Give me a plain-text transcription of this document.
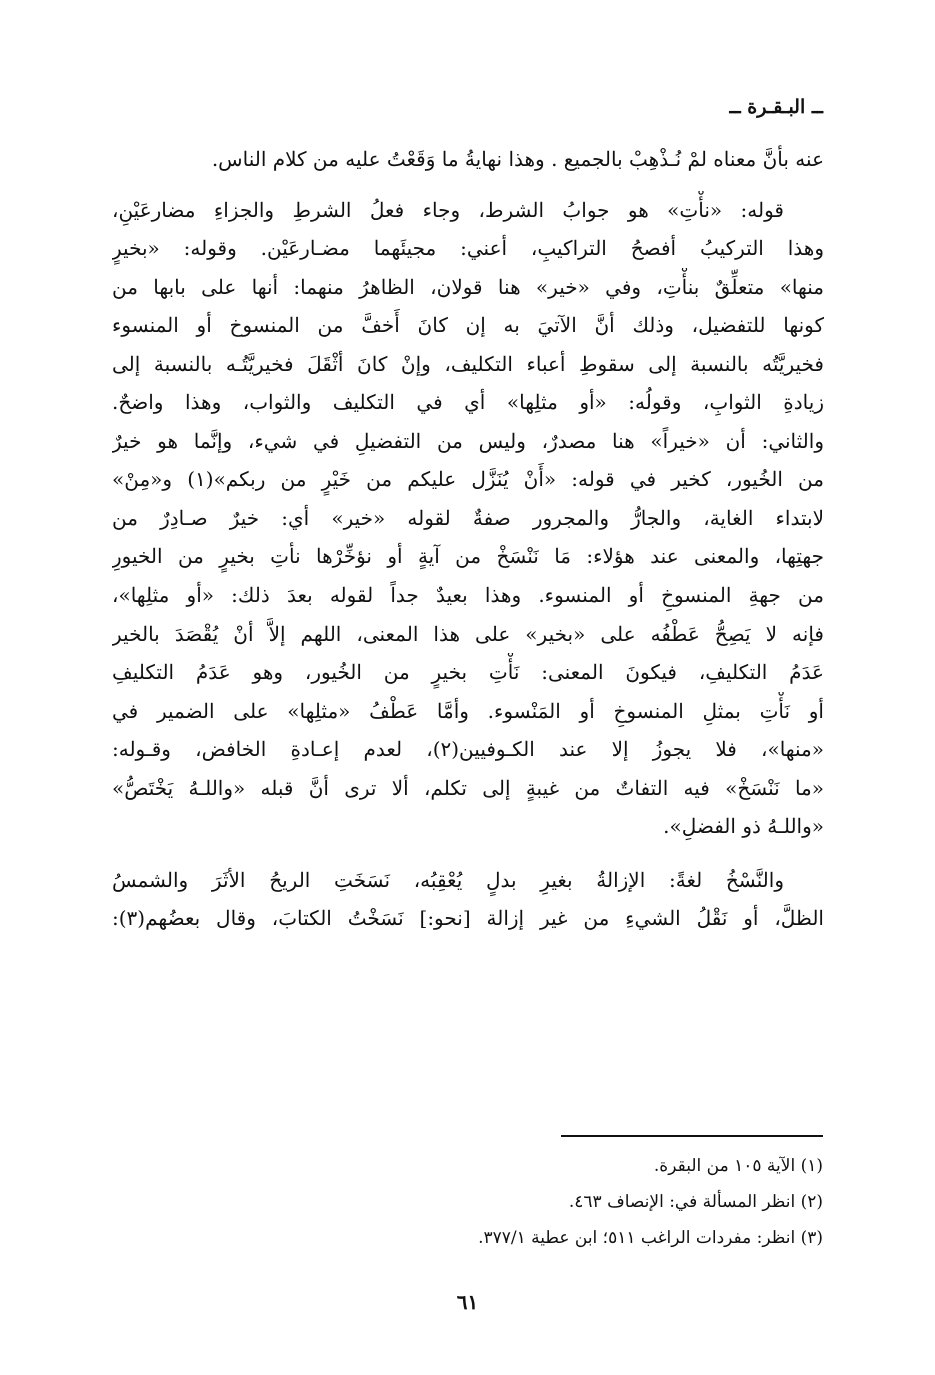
ــ البـقـرة ــ
عنه بأنَّ معناه لمْ نُـذْهِبْ بالجميع . وهذا نهايةُ ما وَقَعْتُ عليه من كلام الناس.
قوله: «نأْتِ» هو جوابُ الشرط، وجاء فعلُ الشرطِ والجزاءِ مضارعَيْنِ،
وهذا التركيبُ أفصحُ التراكيبِ، أعني: مجيئَهما مضـارعَيْن. وقوله: «بخيرٍ
منها» متعلِّقٌ بنأْتِ، وفي «خير» هنا قولان، الظاهرُ منهما: أنها على بابها من
كونها للتفضيل، وذلك أنَّ الآتيَ به إن كانَ أَخفَّ من المنسوخ أو المنسوء
فخيريَّتُه بالنسبة إلى سقوطِ أعباء التكليف، وإنْ كانَ أثْقَلَ فخيريَّتُـه بالنسبة إلى
زيادةِ الثوابِ، وقولُه: «أو مثلِها» أي في التكليف والثواب، وهذا واضحٌ.
والثاني: أن «خيراً» هنا مصدرٌ، وليس من التفضيلِ في شيء، وإنَّما هو خيرٌ
من الخُيور، كخير في قوله: «أَنْ يُنَزَّل عليكم من خَيْرٍ من ربكم»(١) و«مِنْ»
لابتداء الغاية، والجارُّ والمجرور صفةٌ لقوله «خير» أي: خيرٌ صـادِرٌ من
جهتِها، والمعنى عند هؤلاء: مَا نَنْسَخْ من آيةٍ أو نؤخِّرْها نأتِ بخيرٍ من الخيورِ
من جهةِ المنسوخِ أو المنسوء. وهذا بعيدٌ جداً لقوله بعدَ ذلك: «أو مثلِها»،
فإنه لا يَصِحُّ عَطْفُه على «بخير» على هذا المعنى، اللهم إلاَّ أنْ يُقْصَدَ بالخير
عَدَمُ التكليفِ، فيكونَ المعنى: نَأْتِ بخيرٍ من الخُيور، وهو عَدَمُ التكليفِ
أو نَأْتِ بمثلِ المنسوخِ أو المَنْسوء. وأمَّا عَطْفُ «مثلِها» على الضمير في
«منها»، فلا يجوزُ إلا عند الكـوفيين(٢)، لعدم إعـادةِ الخافض، وقـوله:
«ما نَنْسَخْ» فيه التفاتٌ من غيبةٍ إلى تكلم، ألا ترى أنَّ قبله «واللـهُ يَخْتَصُّ»
«واللـهُ ذو الفضلِ».
والنَّسْخُ لغةً: الإزالةُ بغيرِ بدلٍ يُعْقِبُه، نَسَخَتِ الريحُ الأثَرَ والشمسُ
الظلَّ، أو نَقْلُ الشيءِ من غير إزالة [نحو:] نَسَخْتُ الكتابَ، وقال بعضُهم(٣):
(١) الآية ١٠٥ من البقرة.
(٢) انظر المسألة في: الإنصاف ٤٦٣.
(٣) انظر: مفردات الراغب ٥١١؛ ابن عطية ٣٧٧/١.
٦١
